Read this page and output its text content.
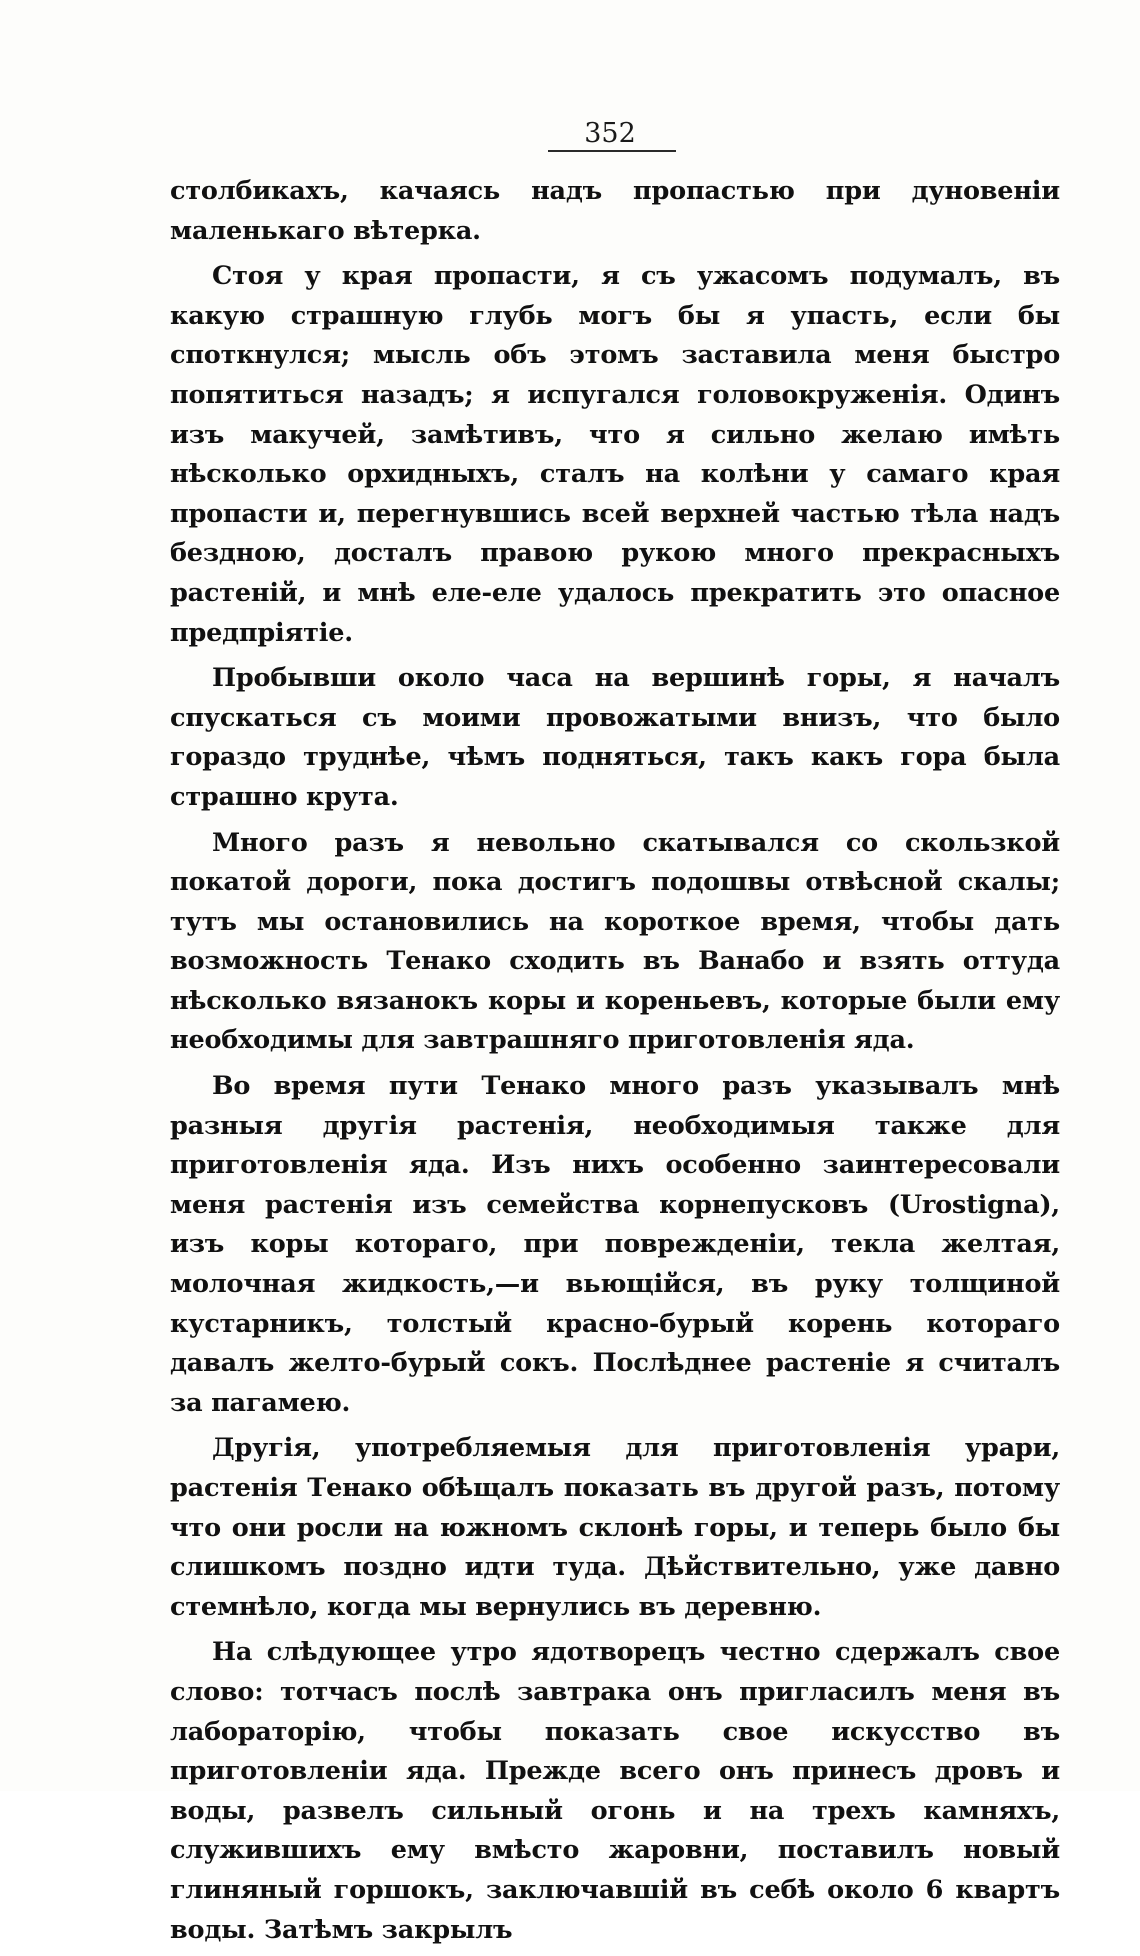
352

столбикахъ, качаясь надъ пропастью при дуновеніи маленькаго вѣтерка.

Стоя у края пропасти, я съ ужасомъ подумалъ, въ какую страшную глубь могъ бы я упасть, если бы споткнулся; мысль объ этомъ заставила меня быстро попятиться назадъ; я испугался головокруженія. Одинъ изъ макучей, замѣтивъ, что я сильно желаю имѣть нѣсколько орхидныхъ, сталъ на колѣни у самаго края пропасти и, перегнувшись всей верхней частью тѣла надъ бездною, досталъ правою рукою много прекрасныхъ растеній, и мнѣ еле-еле удалось прекратить это опасное предпріятіе.

Пробывши около часа на вершинѣ горы, я началъ спускаться съ моими провожатыми внизъ, что было гораздо труднѣе, чѣмъ подняться, такъ какъ гора была страшно крута.

Много разъ я невольно скатывался со скользкой покатой дороги, пока достигъ подошвы отвѣсной скалы; тутъ мы остановились на короткое время, чтобы дать возможность Тенако сходить въ Ванабо и взять оттуда нѣсколько вязанокъ коры и кореньевъ, которые были ему необходимы для завтрашняго приготовленія яда.

Во время пути Тенако много разъ указывалъ мнѣ разныя другія растенія, необходимыя также для приготовленія яда. Изъ нихъ особенно заинтересовали меня растенія изъ семейства корнепусковъ (Urostigna), изъ коры котораго, при поврежденіи, текла желтая, молочная жидкость,—и вьющійся, въ руку толщиной кустарникъ, толстый красно-бурый корень котораго давалъ желто-бурый сокъ. Послѣднее растеніе я считалъ за пагамею.

Другія, употребляемыя для приготовленія урари, растенія Тенако обѣщалъ показать въ другой разъ, потому что они росли на южномъ склонѣ горы, и теперь было бы слишкомъ поздно идти туда. Дѣйствительно, уже давно стемнѣло, когда мы вернулись въ деревню.

На слѣдующее утро ядотворецъ честно сдержалъ свое слово: тотчасъ послѣ завтрака онъ пригласилъ меня въ лабораторію, чтобы показать свое искусство въ приготовленіи яда. Прежде всего онъ принесъ дровъ и воды, развелъ сильный огонь и на трехъ камняхъ, служившихъ ему вмѣсто жаровни, поставилъ новый глиняный горшокъ, заключавшій въ себѣ около 6 квартъ воды. Затѣмъ закрылъ
